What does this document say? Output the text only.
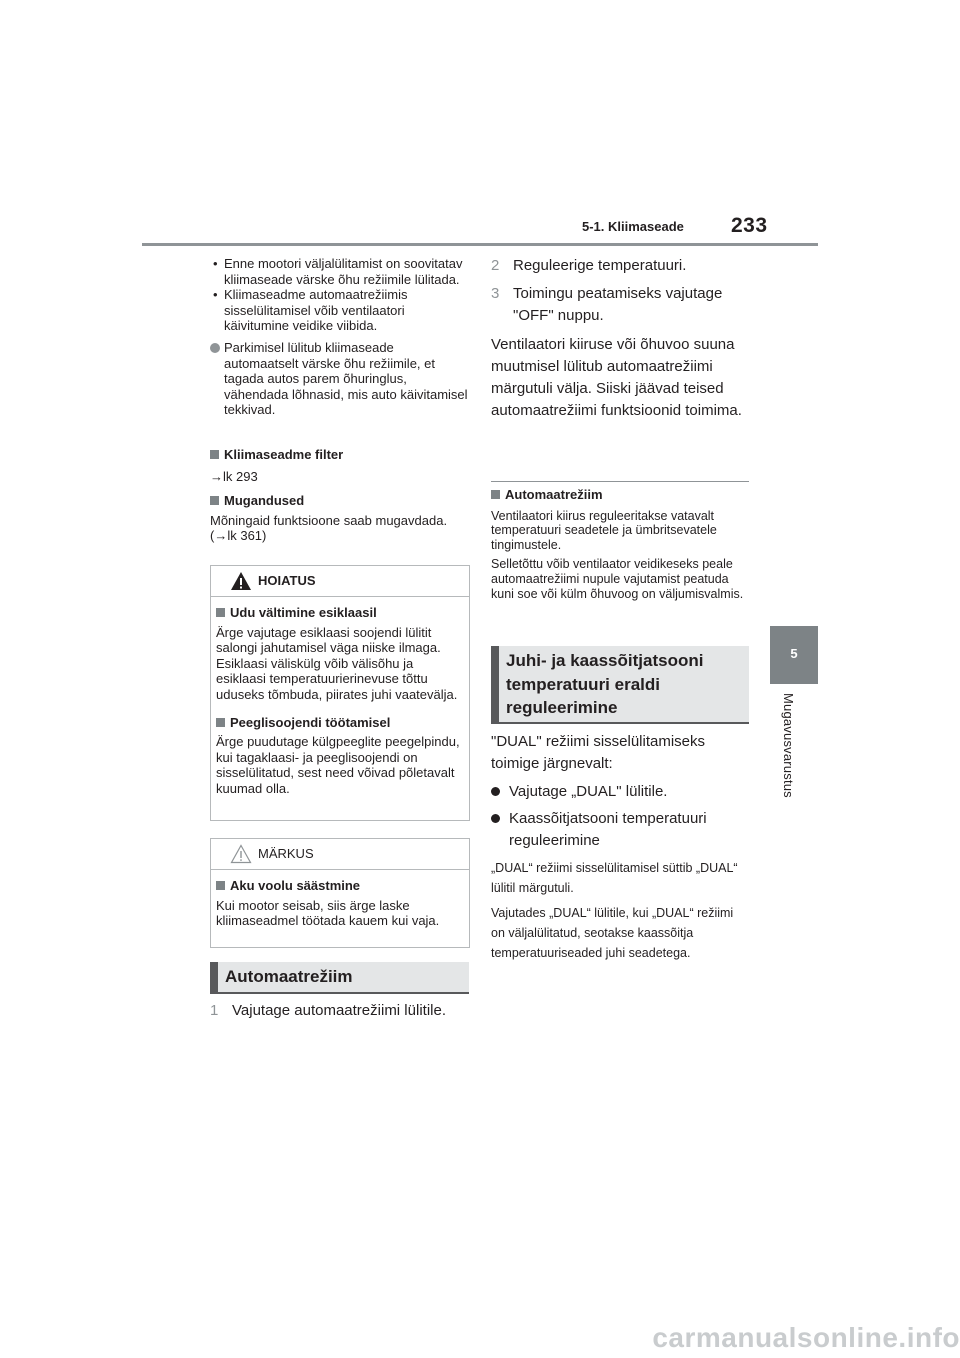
5-1. Kliimaseade 233
5
Mugavusvarustus
• Enne mootori väljalülitamist on soovitatav kliimaseade värske õhu režiimile lülitada.
• Kliimaseadme automaatrežiimis sisselülitamisel võib ventilaatori käivitumine veidike viibida.
Parkimisel lülitub kliimaseade automaatselt värske õhu režiimile, et tagada autos parem õhuringlus, vähendada lõhnasid, mis auto käivitamisel tekkivad.
Kliimaseadme filter
→lk 293
Mugandused
Mõningaid funktsioone saab mugavdada. (→lk 361)
HOIATUS
Udu vältimine esiklaasil
Ärge vajutage esiklaasi soojendi lülitit salongi jahutamisel väga niiske ilmaga. Esiklaasi väliskülg võib välisõhu ja esiklaasi temperatuurierinevuse tõttu uduseks tõmbuda, piirates juhi vaatevälja.
Peeglisoojendi töötamisel
Ärge puudutage külgpeeglite peegelpindu, kui tagaklaasi- ja peeglisoojendi on sisselülitatud, sest need võivad põletavalt kuumad olla.
MÄRKUS
Aku voolu säästmine
Kui mootor seisab, siis ärge laske kliimaseadmel töötada kauem kui vaja.
Automaatrežiim
1 Vajutage automaatrežiimi lülitile.
2 Reguleerige temperatuuri.
3 Toimingu peatamiseks vajutage "OFF" nuppu.
Ventilaatori kiiruse või õhuvoo suuna muutmisel lülitub automaatrežiimi märgutuli välja. Siiski jäävad teised automaatrežiimi funktsioonid toimima.
Automaatrežiim
Ventilaatori kiirus reguleeritakse vatavalt temperatuuri seadetele ja ümbritsevatele tingimustele.
Selletõttu võib ventilaator veidikeseks peale automaatrežiimi nupule vajutamist peatuda kuni soe või külm õhuvoog on väljumisvalmis.
Juhi- ja kaassõitjatsooni temperatuuri eraldi reguleerimine
"DUAL" režiimi sisselülitamiseks toimige järgnevalt:
Vajutage „DUAL" lülitile.
Kaassõitjatsooni temperatuuri reguleerimine
„DUAL“ režiimi sisselülitamisel süttib „DUAL“ lülitil märgutuli.
Vajutades „DUAL“ lülitile, kui „DUAL“ režiimi on väljalülitatud, seotakse kaassõitja temperatuuriseaded juhi seadetega.
carmanualsonline.info
